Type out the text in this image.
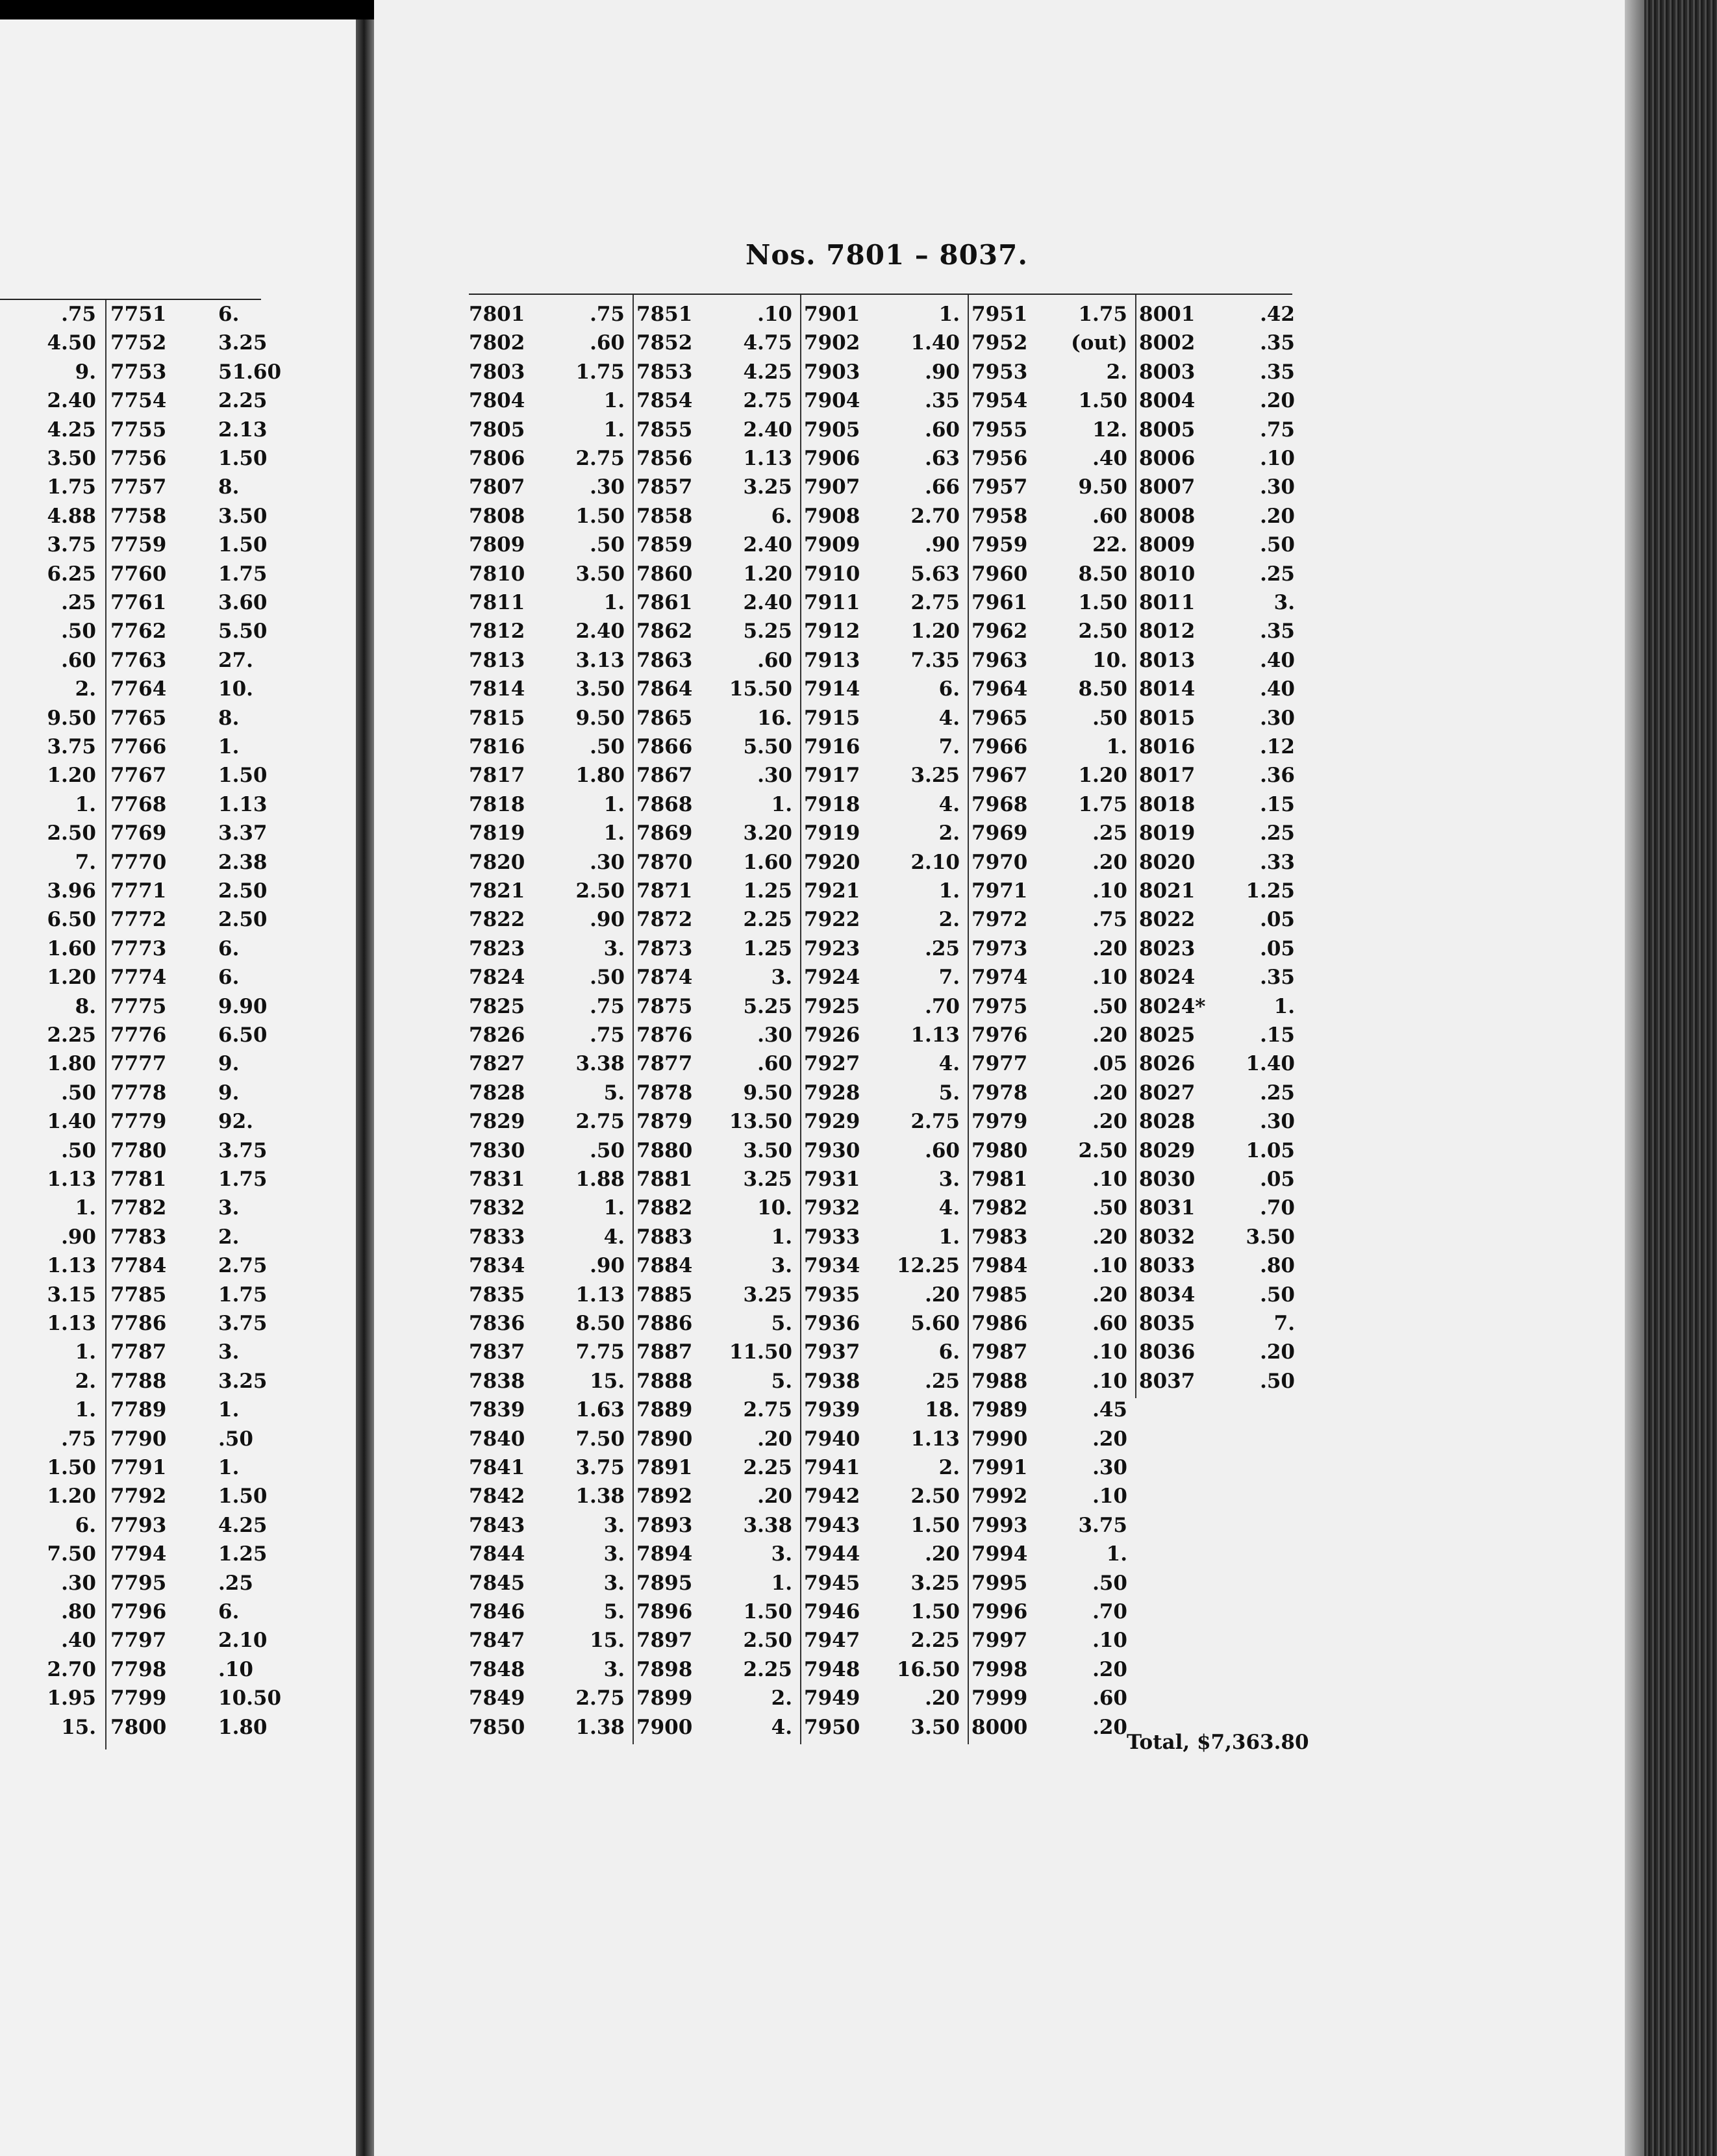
.75 7751	6.
4.50 7752	3.25
9. 7753	51.60
2.40 7754	2.25
4.25 7755	2.13
3.50 7756	1.50
1.75 7757	8.
4.88 7758	3.50
3.75 7759	1.50
6.25 7760	1.75
.25 7761	3.60
.50 7762	5.50
.60 7763	27.
2. 7764	10.
9.50 7765	8.
3.75 7766	1.
1.20 7767	1.50
1. 7768	1.13
2.50 7769	3.37
7. 7770	2.38
3.96 7771	2.50
6.50 7772	2.50
1.60 7773	6.
1.20 7774	6.
8. 7775	9.90
2.25 7776	6.50
1.80 7777	9.
.50 7778	9.
1.40 7779	92.
.50 7780	3.75
1.13 7781	1.75
1. 7782	3.
.90 7783	2.
1.13 7784	2.75
3.15 7785	1.75
1.13 7786	3.75
1. 7787	3.
2. 7788	3.25
1. 7789	1.
.75 7790	.50
1.50 7791	1.
1.20 7792	1.50
6. 7793	4.25
7.50 7794	1.25
.30 7795	.25
.80 7796	6.
.40 7797	2.10
2.70 7798	.10
1.95 7799	10.50
15. 7800	1.80
Nos. 7801 – 8037.
7801	.75
7802	.60
7803	1.75
7804	1.
7805	1.
7806	2.75
7807	.30
7808	1.50
7809	.50
7810	3.50
7811	1.
7812	2.40
7813	3.13
7814	3.50
7815	9.50
7816	.50
7817	1.80
7818	1.
7819	1.
7820	.30
7821	2.50
7822	.90
7823	3.
7824	.50
7825	.75
7826	.75
7827	3.38
7828	5.
7829	2.75
7830	.50
7831	1.88
7832	1.
7833	4.
7834	.90
7835	1.13
7836	8.50
7837	7.75
7838	15.
7839	1.63
7840	7.50
7841	3.75
7842	1.38
7843	3.
7844	3.
7845	3.
7846	5.
7847	15.
7848	3.
7849	2.75
7850	1.38
7851	.10
7852	4.75
7853	4.25
7854	2.75
7855	2.40
7856	1.13
7857	3.25
7858	6.
7859	2.40
7860	1.20
7861	2.40
7862	5.25
7863	.60
7864 15.50
7865	16.
7866	5.50
7867	.30
7868	1.
7869	3.20
7870	1.60
7871	1.25
7872	2.25
7873	1.25
7874	3.
7875	5.25
7876	.30
7877	.60
7878	9.50
7879 13.50
7880	3.50
7881	3.25
7882	10.
7883	1.
7884	3.
7885	3.25
7886	5.
7887 11.50
7888	5.
7889	2.75
7890	.20
7891	2.25
7892	.20
7893	3.38
7894	3.
7895	1.
7896	1.50
7897	2.50
7898	2.25
7899	2.
7900	4.
7901	1.
7902	1.40
7903	.90
7904	.35
7905	.60
7906	.63
7907	.66
7908	2.70
7909	.90
7910	5.63
7911	2.75
7912	1.20
7913	7.35
7914	6.
7915	4.
7916	7.
7917	3.25
7918	4.
7919	2.
7920	2.10
7921	1.
7922	2.
7923	.25
7924	7.
7925	.70
7926	1.13
7927	4.
7928	5.
7929	2.75
7930	.60
7931	3.
7932	4.
7933	1.
7934 12.25
7935	.20
7936	5.60
7937	6.
7938	.25
7939	18.
7940	1.13
7941	2.
7942	2.50
7943	1.50
7944	.20
7945	3.25
7946	1.50
7947	2.25
7948 16.50
7949	.20
7950	3.50
7951	1.75
7952 (out)
7953	2.
7954	1.50
7955	12.
7956	.40
7957	9.50
7958	.60
7959	22.
7960	8.50
7961	1.50
7962	2.50
7963	10.
7964	8.50
7965	.50
7966	1.
7967	1.20
7968	1.75
7969	.25
7970	.20
7971	.10
7972	.75
7973	.20
7974	.10
7975	.50
7976	.20
7977	.05
7978	.20
7979	.20
7980	2.50
7981	.10
7982	.50
7983	.20
7984	.10
7985	.20
7986	.60
7987	.10
7988	.10
7989	.45
7990	.20
7991	.30
7992	.10
7993	3.75
7994	1.
7995	.50
7996	.70
7997	.10
7998	.20
7999	.60
8000	.20
8001	.42
8002	.35
8003	.35
8004	.20
8005	.75
8006	.10
8007	.30
8008	.20
8009	.50
8010	.25
8011	3.
8012	.35
8013	.40
8014	.40
8015	.30
8016	.12
8017	.36
8018	.15
8019	.25
8020	.33
8021	1.25
8022	.05
8023	.05
8024	.35
8024*	1.
8025	.15
8026	1.40
8027	.25
8028	.30
8029	1.05
8030	.05
8031	.70
8032	3.50
8033	.80
8034	.50
8035	7.
8036	.20
8037	.50
Total, $7,363.80
